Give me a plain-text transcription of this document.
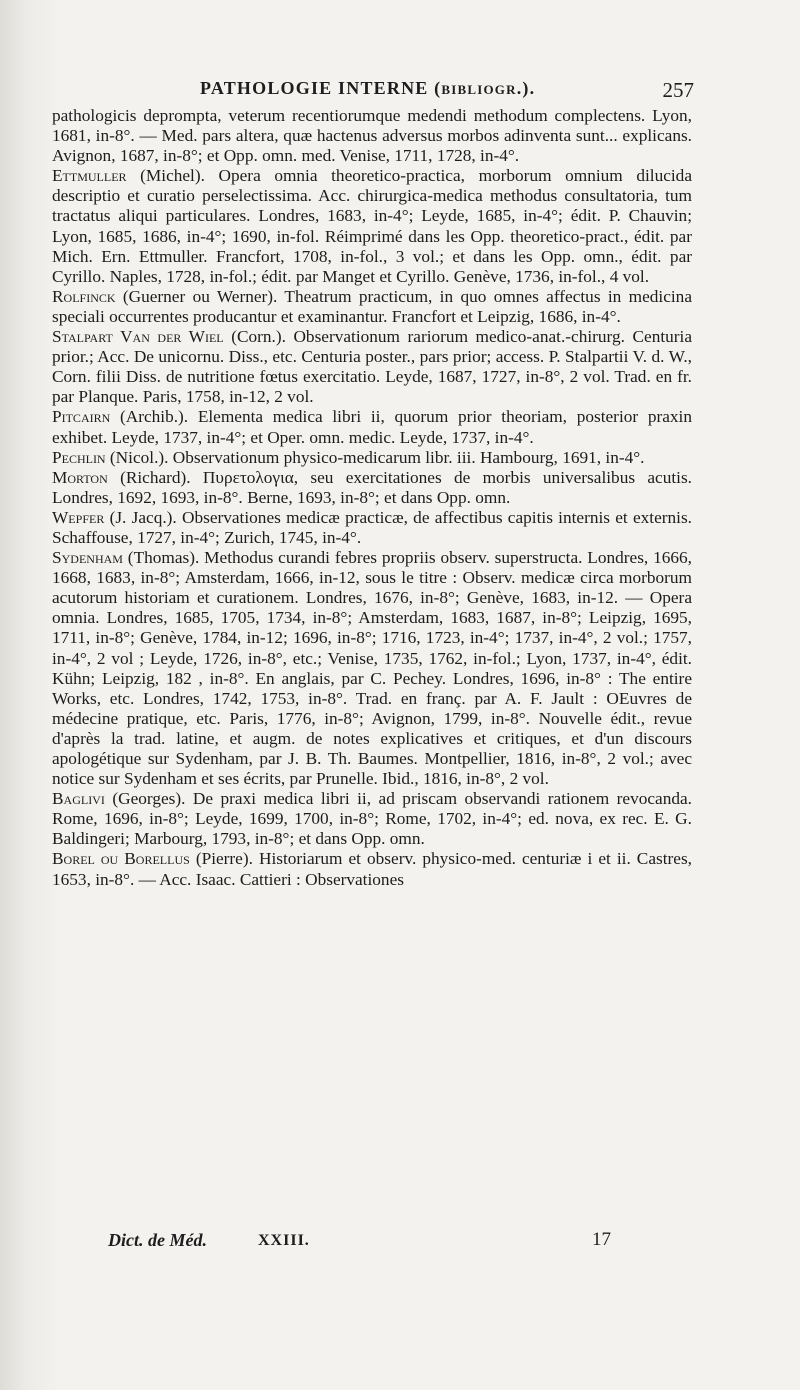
PATHOLOGIE INTERNE (bibliogr.).	257

pathologicis deprompta, veterum recentiorumque medendi methodum complectens. Lyon, 1681, in-8°. — Med. pars altera, quæ hactenus adversus morbos adinventa sunt... explicans. Avignon, 1687, in-8°; et Opp. omn. med. Venise, 1711, 1728, in-4°.

Ettmuller (Michel). Opera omnia theoretico-practica, morborum omnium dilucida descriptio et curatio perselectissima. Acc. chirurgica-medica methodus consultatoria, tum tractatus aliqui particulares. Londres, 1683, in-4°; Leyde, 1685, in-4°; édit. P. Chauvin; Lyon, 1685, 1686, in-4°; 1690, in-fol. Réimprimé dans les Opp. theoretico-pract., édit. par Mich. Ern. Ettmuller. Francfort, 1708, in-fol., 3 vol.; et dans les Opp. omn., édit. par Cyrillo. Naples, 1728, in-fol.; édit. par Manget et Cyrillo. Genève, 1736, in-fol., 4 vol.

Rolfinck (Guerner ou Werner). Theatrum practicum, in quo omnes affectus in medicina speciali occurrentes producantur et examinantur. Francfort et Leipzig, 1686, in-4°.

Stalpart Van der Wiel (Corn.). Observationum rariorum medico-anat.-chirurg. Centuria prior.; Acc. De unicornu. Diss., etc. Centuria poster., pars prior; access. P. Stalpartii V. d. W., Corn. filii Diss. de nutritione fœtus exercitatio. Leyde, 1687, 1727, in-8°, 2 vol. Trad. en fr. par Planque. Paris, 1758, in-12, 2 vol.

Pitcairn (Archib.). Elementa medica libri ii, quorum prior theoriam, posterior praxin exhibet. Leyde, 1737, in-4°; et Oper. omn. medic. Leyde, 1737, in-4°.

Pechlin (Nicol.). Observationum physico-medicarum libr. iii. Hambourg, 1691, in-4°.

Morton (Richard). Πυρετολογια, seu exercitationes de morbis universalibus acutis. Londres, 1692, 1693, in-8°. Berne, 1693, in-8°; et dans Opp. omn.

Wepfer (J. Jacq.). Observationes medicæ practicæ, de affectibus capitis internis et externis. Schaffouse, 1727, in-4°; Zurich, 1745, in-4°.

Sydenham (Thomas). Methodus curandi febres propriis observ. superstructa. Londres, 1666, 1668, 1683, in-8°; Amsterdam, 1666, in-12, sous le titre : Observ. medicæ circa morborum acutorum historiam et curationem. Londres, 1676, in-8°; Genève, 1683, in-12. — Opera omnia. Londres, 1685, 1705, 1734, in-8°; Amsterdam, 1683, 1687, in-8°; Leipzig, 1695, 1711, in-8°; Genève, 1784, in-12; 1696, in-8°; 1716, 1723, in-4°; 1737, in-4°, 2 vol.; 1757, in-4°, 2 vol ; Leyde, 1726, in-8°, etc.; Venise, 1735, 1762, in-fol.; Lyon, 1737, in-4°, édit. Kühn; Leipzig, 182 , in-8°. En anglais, par C. Pechey. Londres, 1696, in-8° : The entire Works, etc. Londres, 1742, 1753, in-8°. Trad. en franç. par A. F. Jault : OEuvres de médecine pratique, etc. Paris, 1776, in-8°; Avignon, 1799, in-8°. Nouvelle édit., revue d'après la trad. latine, et augm. de notes explicatives et critiques, et d'un discours apologétique sur Sydenham, par J. B. Th. Baumes. Montpellier, 1816, in-8°, 2 vol.; avec notice sur Sydenham et ses écrits, par Prunelle. Ibid., 1816, in-8°, 2 vol.

Baglivi (Georges). De praxi medica libri ii, ad priscam observandi rationem revocanda. Rome, 1696, in-8°; Leyde, 1699, 1700, in-8°; Rome, 1702, in-4°; ed. nova, ex rec. E. G. Baldingeri; Marbourg, 1793, in-8°; et dans Opp. omn.

Borel ou Borellus (Pierre). Historiarum et observ. physico-med. centuriæ i et ii. Castres, 1653, in-8°. — Acc. Isaac. Cattieri : Observationes

Dict. de Méd.	XXIII.	17
